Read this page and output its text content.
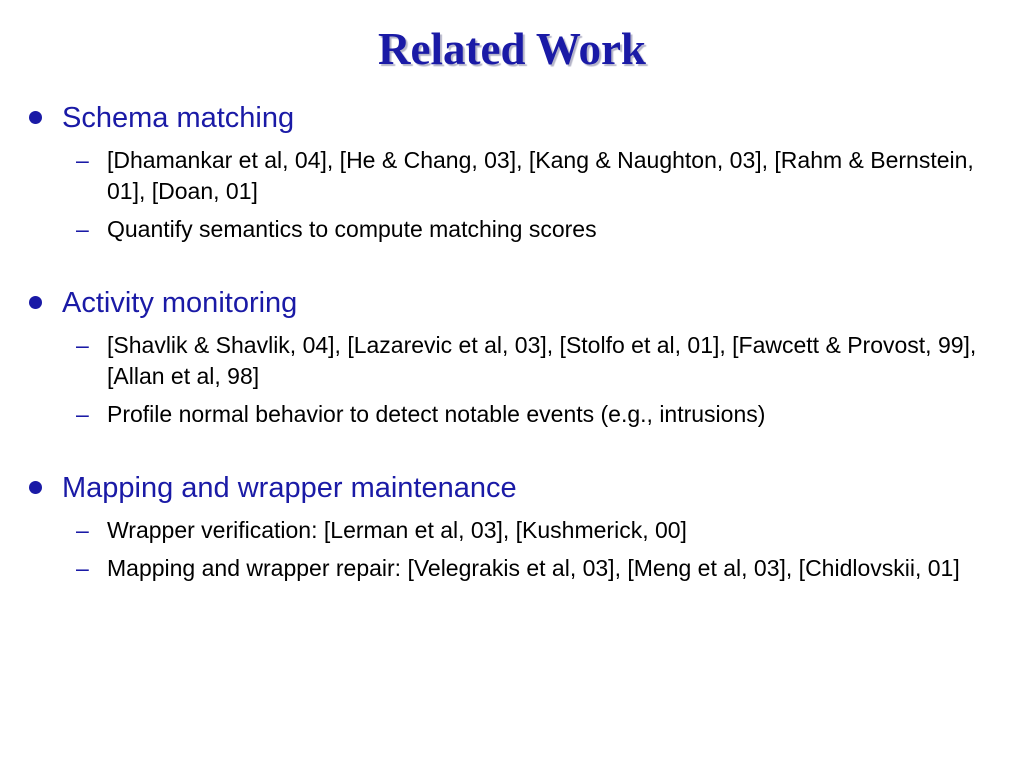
Related Work
Schema matching
– [Dhamankar et al, 04], [He & Chang, 03], [Kang & Naughton, 03], [Rahm & Bernstein, 01], [Doan, 01]
– Quantify semantics to compute matching scores
Activity monitoring
– [Shavlik & Shavlik, 04], [Lazarevic et al, 03], [Stolfo et al, 01], [Fawcett & Provost, 99], [Allan et al, 98]
– Profile normal behavior to detect notable events (e.g., intrusions)
Mapping and wrapper maintenance
– Wrapper verification: [Lerman et al, 03], [Kushmerick, 00]
– Mapping and wrapper repair: [Velegrakis et al, 03], [Meng et al, 03], [Chidlovskii, 01]
